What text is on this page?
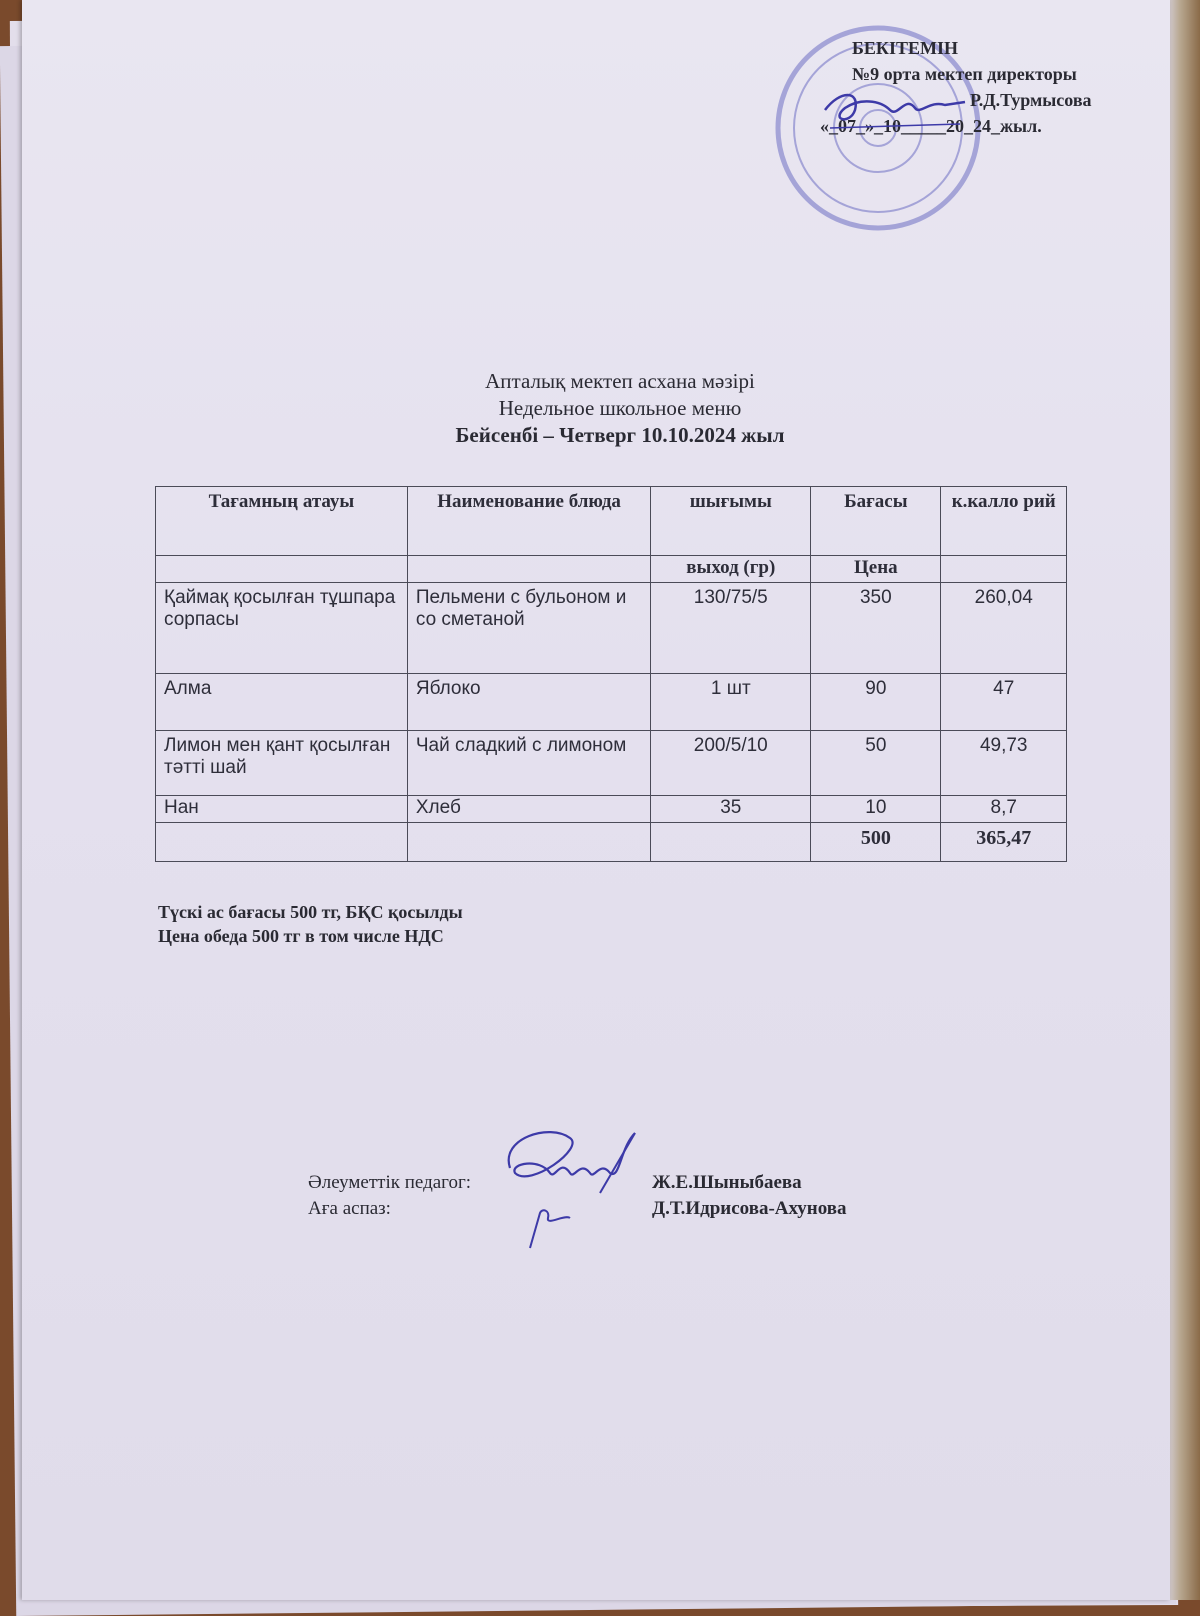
БЕКІТЕМІН
№9 орта мектеп директоры
Р.Д.Турмысова
«_07_»_10_____20_24_жыл.
Апталық мектеп асхана мәзірі
Недельное школьное меню
Бейсенбі – Четверг 10.10.2024 жыл
Тағамның атауы	Наименование блюда	шығымы	Бағасы	к.калло рий
		выход (гр)	Цена	
Қаймақ қосылған тұшпара сорпасы	Пельмени с бульоном и со сметаной	130/75/5	350	260,04
Алма	Яблоко	1 шт	90	47
Лимон мен қант қосылған тәтті шай	Чай сладкий с лимоном	200/5/10	50	49,73
Нан	Хлеб	35	10	8,7
			500	365,47
Түскі ас бағасы 500 тг, БҚС қосылды
Цена обеда 500 тг в том числе НДС
Әлеуметтік педагог:
Аға аспаз:
Ж.Е.Шыныбаева
Д.Т.Идрисова-Ахунова
